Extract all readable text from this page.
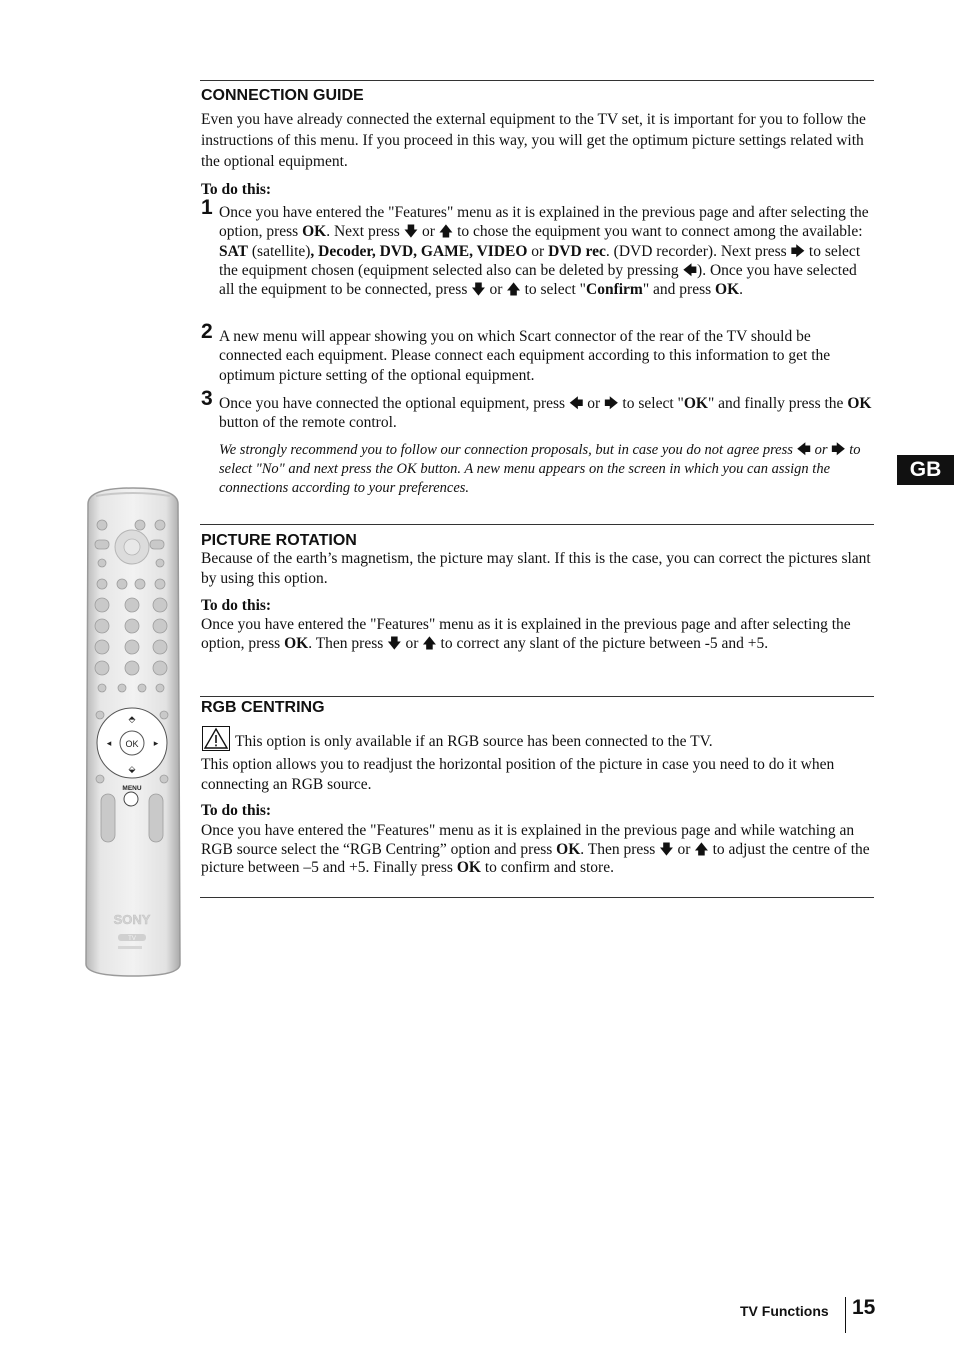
OK
⬘
⬙
◂	▸
MENU
SONY
TV
CONNECTION GUIDE
Even you have already connected the external equipment to the TV set, it is important for you to follow the instructions of this menu. If you proceed in this way, you will get the optimum picture settings related with the optional equipment.
To do this:
1 Once you have entered the "Features" menu as it is explained in the previous page and after selecting the option, press OK. Next press 🡇 or 🡅 to chose the equipment you want to connect among the available: SAT (satellite), Decoder, DVD, GAME, VIDEO or DVD rec. (DVD recorder). Next press 🡆 to select the equipment chosen (equipment selected also can be deleted by pressing 🡄). Once you have selected all the equipment to be connected, press 🡇 or 🡅 to select "Confirm" and press OK.
2 A new menu will appear showing you on which Scart connector of the rear of the TV should be connected each equipment. Please connect each equipment according to this information to get the optimum picture setting of the optional equipment.
3 Once you have connected the optional equipment, press 🡄 or 🡆 to select "OK" and finally press the OK button of the remote control.
We strongly recommend you to follow our connection proposals, but in case you do not agree press 🡄 or 🡆 to select "No" and next press the OK button. A new menu appears on the screen in which you can assign the connections according to your preferences.
PICTURE ROTATION
Because of the earth’s magnetism, the picture may slant. If this is the case, you can correct the pictures slant by using this option.
To do this:
Once you have entered the "Features" menu as it is explained in the previous page and after selecting the option, press OK. Then press 🡇 or 🡅 to correct any slant of the picture between -5 and +5.
RGB CENTRING
This option is only available if an RGB source has been connected to the TV.
This option allows you to readjust the horizontal position of the picture in case you need to do it when connecting an RGB source.
To do this:
Once you have entered the "Features" menu as it is explained in the previous page and while watching an RGB source select the “RGB Centring” option and press OK. Then press 🡇 or 🡅 to adjust the centre of the picture between –5 and +5. Finally press OK to confirm and store.
GB
TV Functions 15
